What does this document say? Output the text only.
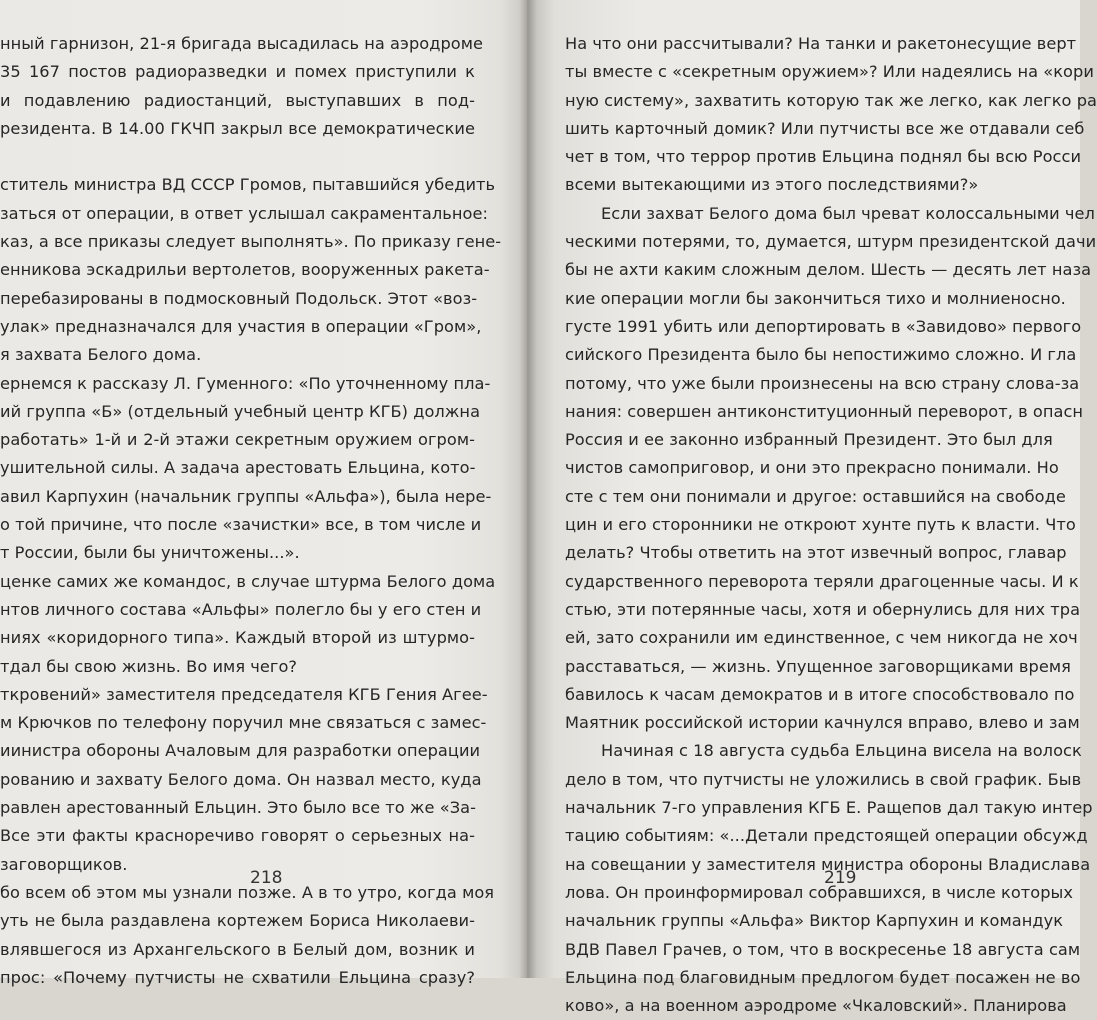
нный гарнизон, 21-я бригада высадилась на аэродроме
35 167 постов радиоразведки и помех приступили к
и подавлению радиостанций, выступавших в под-
резидента. В 14.00 ГКЧП закрыл все демократические
ститель министра ВД СССР Громов, пытавшийся убедить
заться от операции, в ответ услышал сакраментальное:
каз, а все приказы следует выполнять». По приказу гене-
енникова эскадрильи вертолетов, вооруженных ракета-
перебазированы в подмосковный Подольск. Этот «воз-
улак» предназначался для участия в операции «Гром»,
я захвата Белого дома.
ернемся к рассказу Л. Гуменного: «По уточненному пла-
ий группа «Б» (отдельный учебный центр КГБ) должна
работать» 1-й и 2-й этажи секретным оружием огром-
ушительной силы. А задача арестовать Ельцина, кото-
авил Карпухин (начальник группы «Альфа»), была нере-
о той причине, что после «зачистки» все, в том числе и
т России, были бы уничтожены...».
ценке самих же командос, в случае штурма Белого дома
нтов личного состава «Альфы» полегло бы у его стен и
ниях «коридорного типа». Каждый второй из штурмо-
тдал бы свою жизнь. Во имя чего?
ткровений» заместителя председателя КГБ Гения Агее-
м Крючков по телефону поручил мне связаться с замес-
иинистра обороны Ачаловым для разработки операции
рованию и захвату Белого дома. Он назвал место, куда
равлен арестованный Ельцин. Это было все то же «За-
Все эти факты красноречиво говорят о серьезных на-
заговорщиков.
бо всем об этом мы узнали позже. А в то утро, когда моя
уть не была раздавлена кортежем Бориса Николаеви-
влявшегося из Архангельского в Белый дом, возник и
прос: «Почему путчисты не схватили Ельцина сразу?
218
На что они рассчитывали? На танки и ракетонесущие верт
ты вместе с «секретным оружием»? Или надеялись на «кори
ную систему», захватить которую так же легко, как легко ра
шить карточный домик? Или путчисты все же отдавали себ
чет в том, что террор против Ельцина поднял бы всю Росси
всеми вытекающими из этого последствиями?»
Если захват Белого дома был чреват колоссальными чел
ческими потерями, то, думается, штурм президентской дачи
бы не ахти каким сложным делом. Шесть — десять лет наза
кие операции могли бы закончиться тихо и молниеносно.
густе 1991 убить или депортировать в «Завидово» первого
сийского Президента было бы непостижимо сложно. И гла
потому, что уже были произнесены на всю страну слова-за
нания: совершен антиконституционный переворот, в опасн
Россия и ее законно избранный Президент. Это был для
чистов самоприговор, и они это прекрасно понимали. Но
сте с тем они понимали и другое: оставшийся на свободе
цин и его сторонники не откроют хунте путь к власти. Что
делать? Чтобы ответить на этот извечный вопрос, главар
сударственного переворота теряли драгоценные часы. И к
стью, эти потерянные часы, хотя и обернулись для них тра
ей, зато сохранили им единственное, с чем никогда не хоч
расставаться, — жизнь. Упущенное заговорщиками время
бавилось к часам демократов и в итоге способствовало по
Маятник российской истории качнулся вправо, влево и зам
Начиная с 18 августа судьба Ельцина висела на волоск
дело в том, что путчисты не уложились в свой график. Быв
начальник 7-го управления КГБ Е. Ращепов дал такую интер
тацию событиям: «...Детали предстоящей операции обсужд
на совещании у заместителя министра обороны Владислава
лова. Он проинформировал собравшихся, в числе которых
начальник группы «Альфа» Виктор Карпухин и командук
ВДВ Павел Грачев, о том, что в воскресенье 18 августа сам
Ельцина под благовидным предлогом будет посажен не во
ково», а на военном аэродроме «Чкаловский». Планирова
219
